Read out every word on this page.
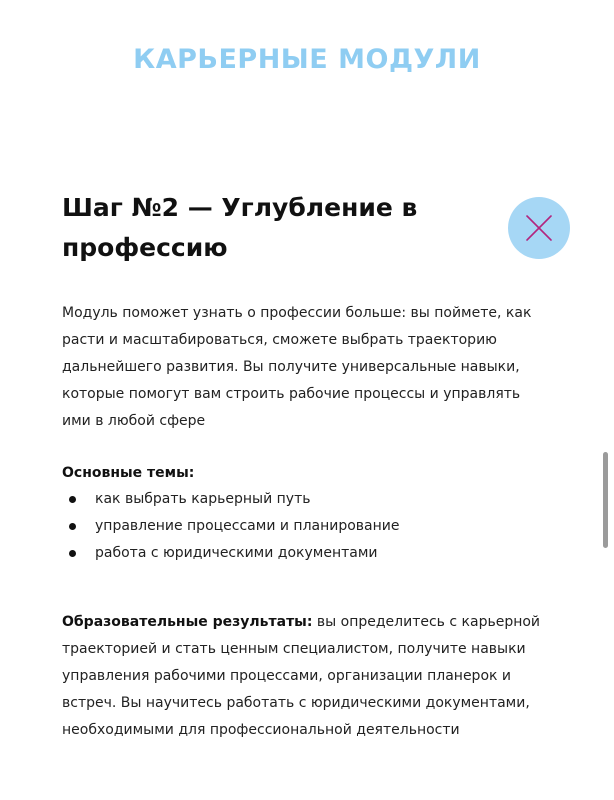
КАРЬЕРНЫЕ МОДУЛИ
Шаг №2 — Углубление в профессию

Модуль поможет узнать о профессии больше: вы поймете, как расти и масштабироваться, сможете выбрать траекторию дальнейшего развития. Вы получите универсальные навыки, которые помогут вам строить рабочие процессы и управлять ими в любой сфере

Основные темы:
как выбрать карьерный путь
управление процессами и планирование
работа с юридическими документами

Образовательные результаты: вы определитесь с карьерной траекторией и стать ценным специалистом, получите навыки управления рабочими процессами, организации планерок и встреч. Вы научитесь работать с юридическими документами, необходимыми для профессиональной деятельности
